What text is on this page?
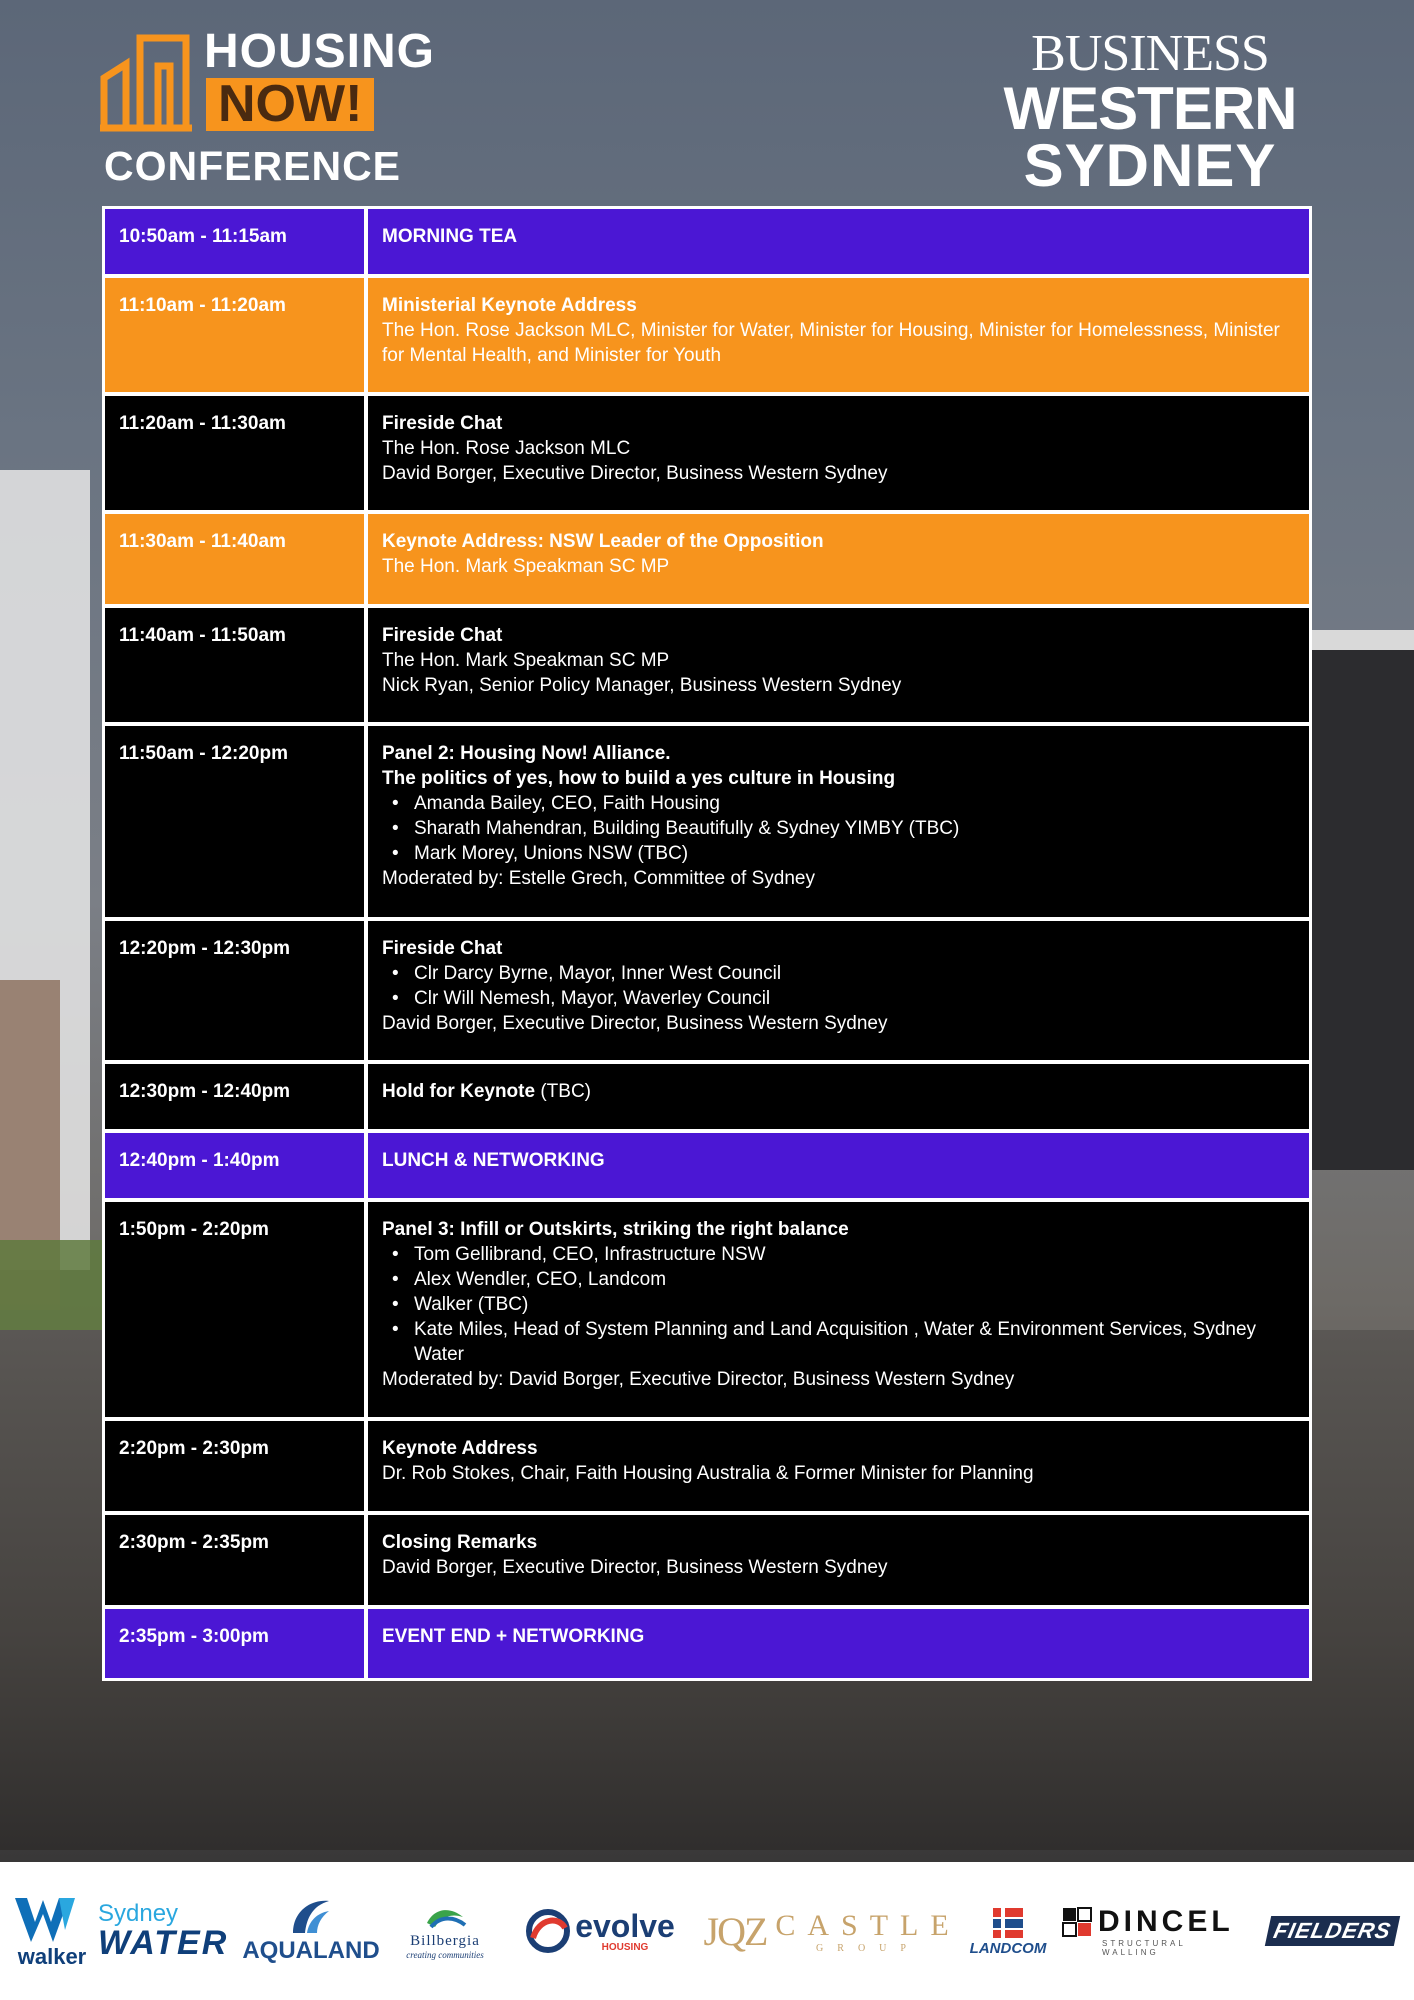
HOUSING
NOW!
CONFERENCE
BUSINESS
WESTERN
SYDNEY
10:50am - 11:15am	MORNING TEA
11:10am - 11:20am	Ministerial Keynote Address
The Hon. Rose Jackson MLC, Minister for Water, Minister for Housing, Minister for Homelessness, Minister for Mental Health, and Minister for Youth
11:20am - 11:30am	Fireside Chat
The Hon. Rose Jackson MLC
David Borger, Executive Director, Business Western Sydney
11:30am - 11:40am	Keynote Address: NSW Leader of the Opposition
The Hon. Mark Speakman SC MP
11:40am - 11:50am	Fireside Chat
The Hon. Mark Speakman SC MP
Nick Ryan, Senior Policy Manager, Business Western Sydney
11:50am - 12:20pm	Panel 2: Housing Now! Alliance.
The politics of yes, how to build a yes culture in Housing
• Amanda Bailey, CEO, Faith Housing
• Sharath Mahendran, Building Beautifully & Sydney YIMBY (TBC)
• Mark Morey, Unions NSW (TBC)
Moderated by: Estelle Grech, Committee of Sydney
12:20pm - 12:30pm	Fireside Chat
• Clr Darcy Byrne, Mayor, Inner West Council
• Clr Will Nemesh, Mayor, Waverley Council
David Borger, Executive Director, Business Western Sydney
12:30pm - 12:40pm	Hold for Keynote (TBC)
12:40pm - 1:40pm	LUNCH & NETWORKING
1:50pm - 2:20pm	Panel 3: Infill or Outskirts, striking the right balance
• Tom Gellibrand, CEO, Infrastructure NSW
• Alex Wendler, CEO, Landcom
• Walker (TBC)
• Kate Miles, Head of System Planning and Land Acquisition , Water & Environment Services, Sydney Water
Moderated by: David Borger, Executive Director, Business Western Sydney
2:20pm - 2:30pm	Keynote Address
Dr. Rob Stokes, Chair, Faith Housing Australia & Former Minister for Planning
2:30pm - 2:35pm	Closing Remarks
David Borger, Executive Director, Business Western Sydney
2:35pm - 3:00pm	EVENT END + NETWORKING
walker
Sydney
WATER AQUALAND Billbergia
creating communities
evolve
HOUSING	JQZ CASTLE
GROUP	LANDCOM
DINCEL
STRUCTURAL WALLING
FIELDERS
